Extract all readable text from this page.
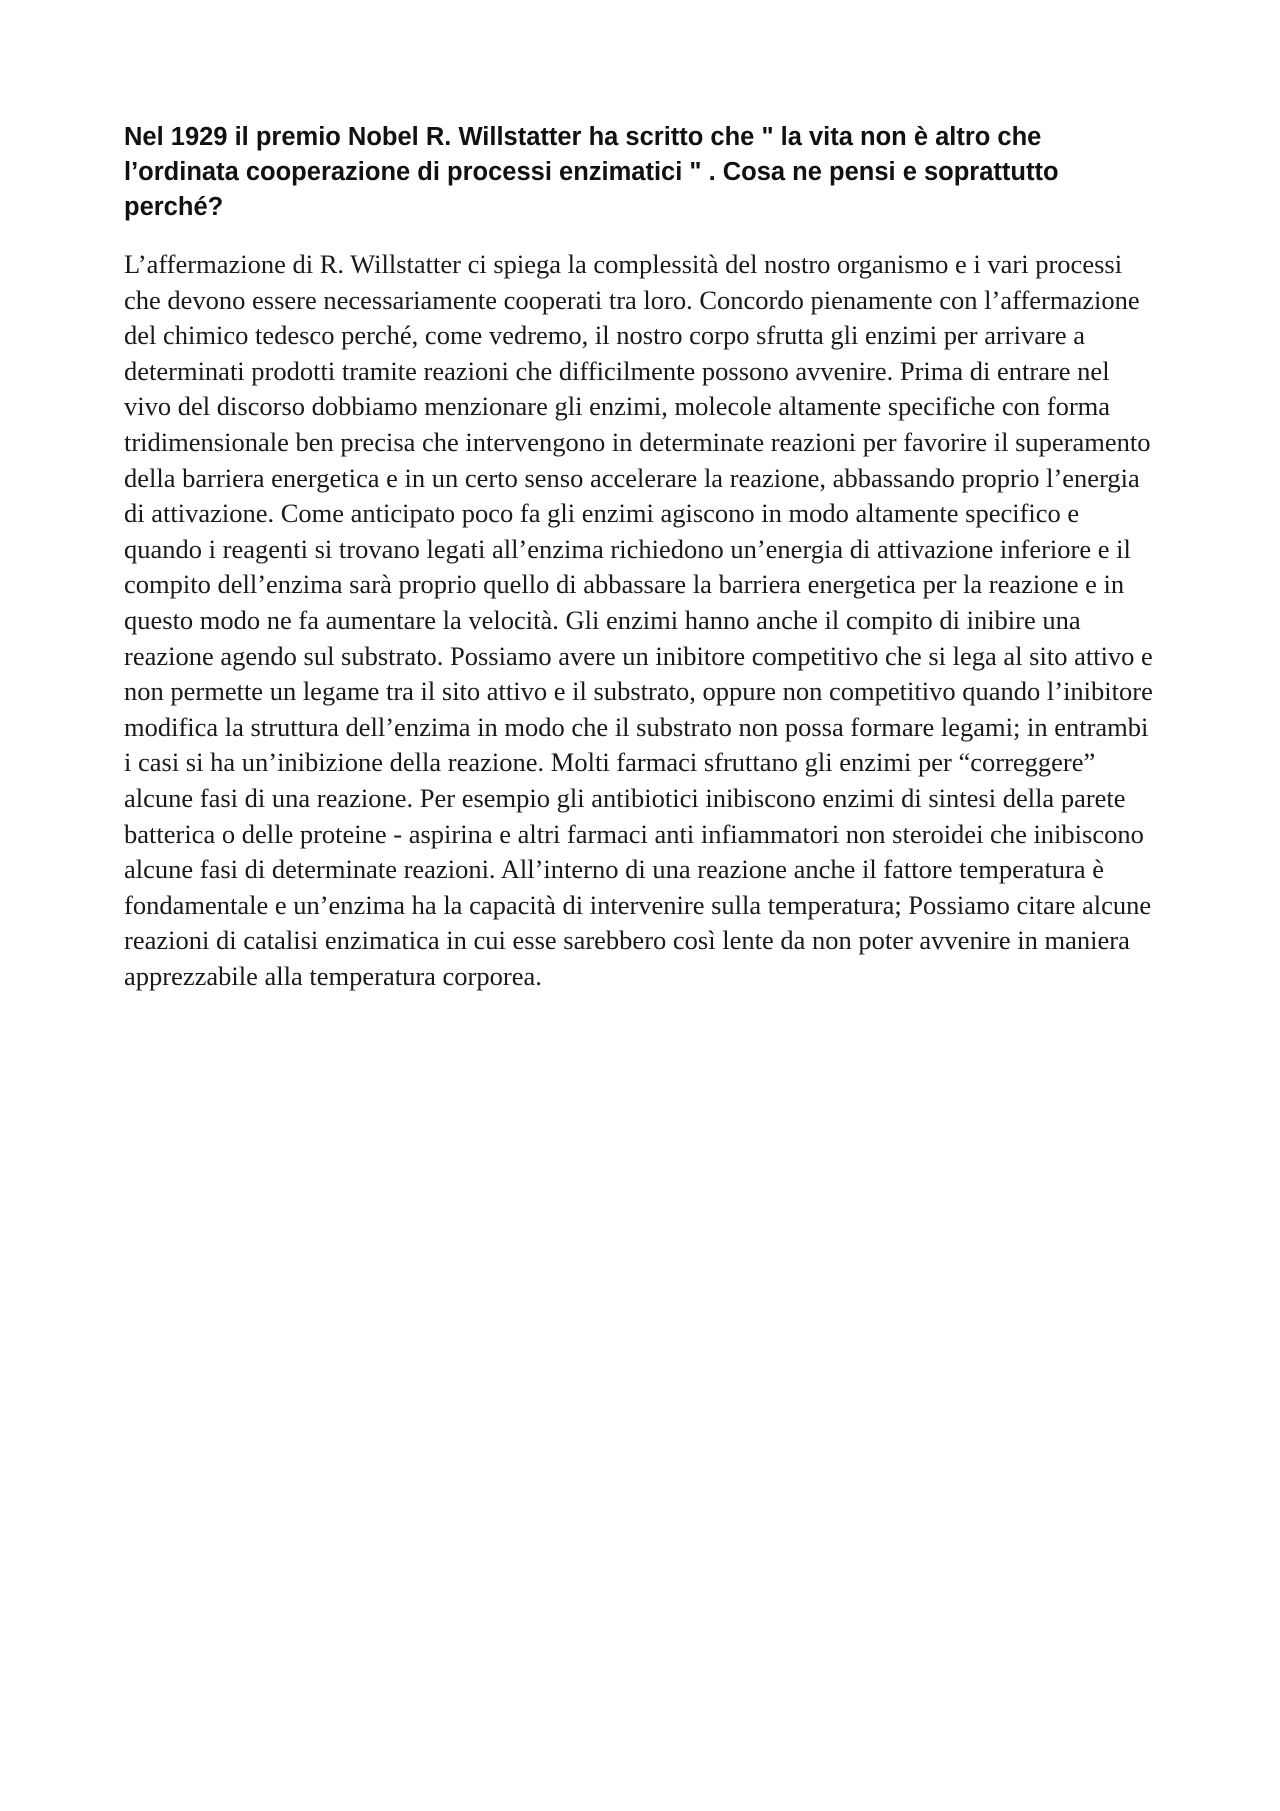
Nel 1929 il premio Nobel R. Willstatter ha scritto che " la vita non è altro che l’ordinata cooperazione di processi enzimatici " . Cosa ne pensi e soprattutto perché?

L’affermazione di R. Willstatter ci spiega la complessità del nostro organismo e i vari processi che devono essere necessariamente cooperati tra loro. Concordo pienamente con l’affermazione del chimico tedesco perché, come vedremo, il nostro corpo sfrutta gli enzimi per arrivare a determinati prodotti tramite reazioni che difficilmente possono avvenire. Prima di entrare nel vivo del discorso dobbiamo menzionare gli enzimi, molecole altamente specifiche con forma tridimensionale ben precisa che intervengono in determinate reazioni per favorire il superamento della barriera energetica e in un certo senso accelerare la reazione, abbassando proprio l’energia di attivazione. Come anticipato poco fa gli enzimi agiscono in modo altamente specifico e quando i reagenti si trovano legati all’enzima richiedono un’energia di attivazione inferiore e il compito dell’enzima sarà proprio quello di abbassare la barriera energetica per la reazione e in questo modo ne fa aumentare la velocità. Gli enzimi hanno anche il compito di inibire una reazione agendo sul substrato. Possiamo avere un inibitore competitivo che si lega al sito attivo e non permette un legame tra il sito attivo e il substrato, oppure non competitivo quando l’inibitore modifica la struttura dell’enzima in modo che il substrato non possa formare legami; in entrambi i casi si ha un’inibizione della reazione. Molti farmaci sfruttano gli enzimi per “correggere” alcune fasi di una reazione. Per esempio gli antibiotici inibiscono enzimi di sintesi della parete batterica o delle proteine - aspirina e altri farmaci anti infiammatori non steroidei che inibiscono alcune fasi di determinate reazioni. All’interno di una reazione anche il fattore temperatura è fondamentale e un’enzima ha la capacità di intervenire sulla temperatura; Possiamo citare alcune reazioni di catalisi enzimatica in cui esse sarebbero così lente da non poter avvenire in maniera apprezzabile alla temperatura corporea.
